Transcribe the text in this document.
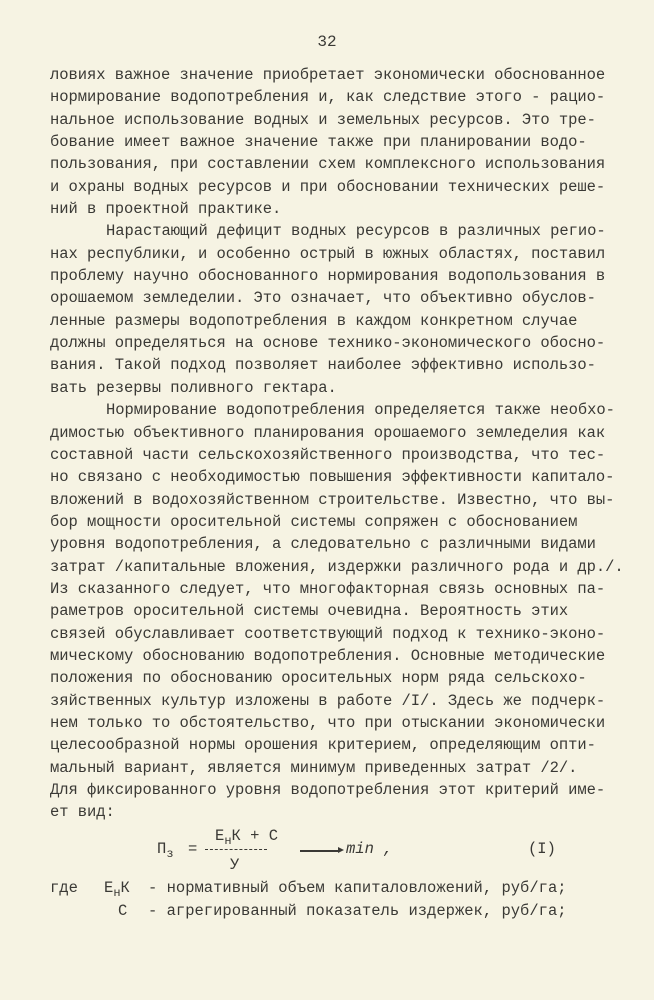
32
ловиях важное значение приобретает экономически обоснованное
нормирование водопотребления и, как следствие этого - рацио-
нальное использование водных и земельных ресурсов. Это тре-
бование имеет важное значение также при планировании водо-
пользования, при составлении схем комплексного использования
и охраны водных ресурсов и при обосновании технических реше-
ний в проектной практике.
Нарастающий дефицит водных ресурсов в различных регио-
нах республики, и особенно острый в южных областях, поставил
проблему научно обоснованного нормирования водопользования в
орошаемом земледелии. Это означает, что объективно обуслов-
ленные размеры водопотребления в каждом конкретном случае
должны определяться на основе технико-экономического обосно-
вания. Такой подход позволяет наиболее эффективно использо-
вать резервы поливного гектара.
Нормирование водопотребления определяется также необхо-
димостью объективного планирования орошаемого земледелия как
составной части сельскохозяйственного производства, что тес-
но связано с необходимостью повышения эффективности капитало-
вложений в водохозяйственном строительстве. Известно, что вы-
бор мощности оросительной системы сопряжен с обоснованием
уровня водопотребления, а следовательно с различными видами
затрат /капитальные вложения, издержки различного рода и др./.
Из сказанного следует, что многофакторная связь основных па-
раметров оросительной системы очевидна. Вероятность этих
связей обуславливает соответствующий подход к технико-эконо-
мическому обоснованию водопотребления. Основные методические
положения по обоснованию оросительных норм ряда сельскохо-
зяйственных культур изложены в работе /I/. Здесь же подчерк-
нем только то обстоятельство, что при отыскании экономически
целесообразной нормы орошения критерием, определяющим опти-
мальный вариант, является минимум приведенных затрат /2/.
Для фиксированного уровня водопотребления этот критерий име-
ет вид:
$П_з$ =
$Е_нК + С$
У
min ,	(I)
где $Е_нК$ - нормативный объем капиталовложений, руб/га;
С - агрегированный показатель издержек, руб/га;
